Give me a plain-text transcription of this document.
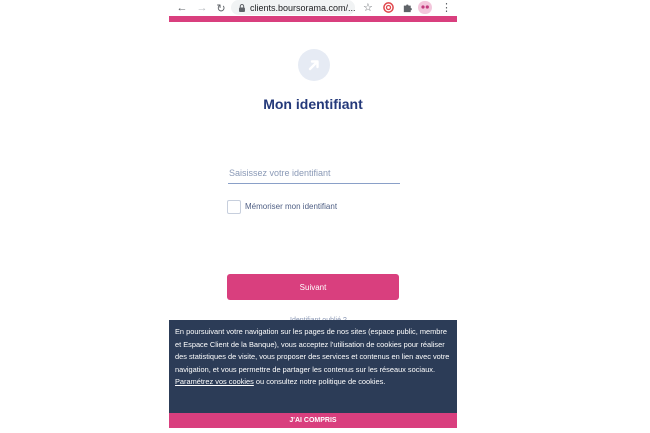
← → ↻	clients.boursorama.com/... ☆	⋮
Mon identifiant
Saisissez votre identifiant
Mémoriser mon identifiant
Suivant

En poursuivant votre navigation sur les pages de nos sites (espace public, membre et Espace Client de la Banque), vous acceptez l'utilisation de cookies pour réaliser des statistiques de visite, vous proposer des services et contenus en lien avec votre navigation, et vous permettre de partager les contenus sur les réseaux sociaux. Paramétrez vos cookies ou consultez notre politique de cookies.

J'AI COMPRIS
